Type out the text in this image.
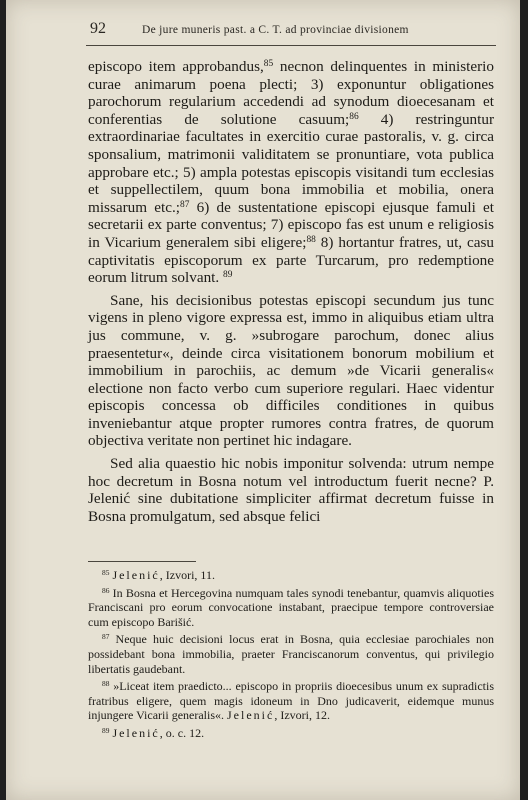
92	De jure muneris past. a C. T. ad provinciae divisionem

episcopo item approbandus,$^{85}$ necnon delinquentes in ministerio curae animarum poena plecti; 3) exponuntur obligationes parochorum regularium accedendi ad synodum dioecesanam et conferentias de solutione casuum;$^{86}$ 4) restringuntur extraordinariae facultates in exercitio curae pastoralis, v. g. circa sponsalium, matrimonii validitatem se pronuntiare, vota publica approbare etc.; 5) ampla potestas episcopis visitandi tum ecclesias et suppellectilem, quum bona immobilia et mobilia, onera missarum etc.;$^{87}$ 6) de sustentatione episcopi ejusque famuli et secretarii ex parte conventus; 7) episcopo fas est unum e religiosis in Vicarium generalem sibi eligere;$^{88}$ 8) hortantur fratres, ut, casu captivitatis episcoporum ex parte Turcarum, pro redemptione eorum litrum solvant. $^{89}$

Sane, his decisionibus potestas episcopi secundum jus tunc vigens in pleno vigore expressa est, immo in aliquibus etiam ultra jus commune, v. g. »subrogare parochum, donec alius praesentetur«, deinde circa visitationem bonorum mobilium et immobilium in parochiis, ac demum »de Vicarii generalis« electione non facto verbo cum superiore regulari. Haec videntur episcopis concessa ob difficiles conditiones in quibus inveniebantur atque propter rumores contra fratres, de quorum objectiva veritate non pertinet hic indagare.

Sed alia quaestio hic nobis imponitur solvenda: utrum nempe hoc decretum in Bosna notum vel introductum fuerit necne? P. Jelenić sine dubitatione simpliciter affirmat decretum fuisse in Bosna promulgatum, sed absque felici

$^{85}$ Jelenić, Izvori, 11.

$^{86}$ In Bosna et Hercegovina numquam tales synodi tenebantur, quamvis aliquoties Franciscani pro eorum convocatione instabant, praecipue tempore controversiae cum episcopo Barišić.

$^{87}$ Neque huic decisioni locus erat in Bosna, quia ecclesiae parochiales non possidebant bona immobilia, praeter Franciscanorum conventus, qui privilegio libertatis gaudebant.

$^{88}$ »Liceat item praedicto... episcopo in propriis dioecesibus unum ex supradictis fratribus eligere, quem magis idoneum in Dno judicaverit, eidemque munus injungere Vicarii generalis«. Jelenić, Izvori, 12.

$^{89}$ Jelenić, o. c. 12.
